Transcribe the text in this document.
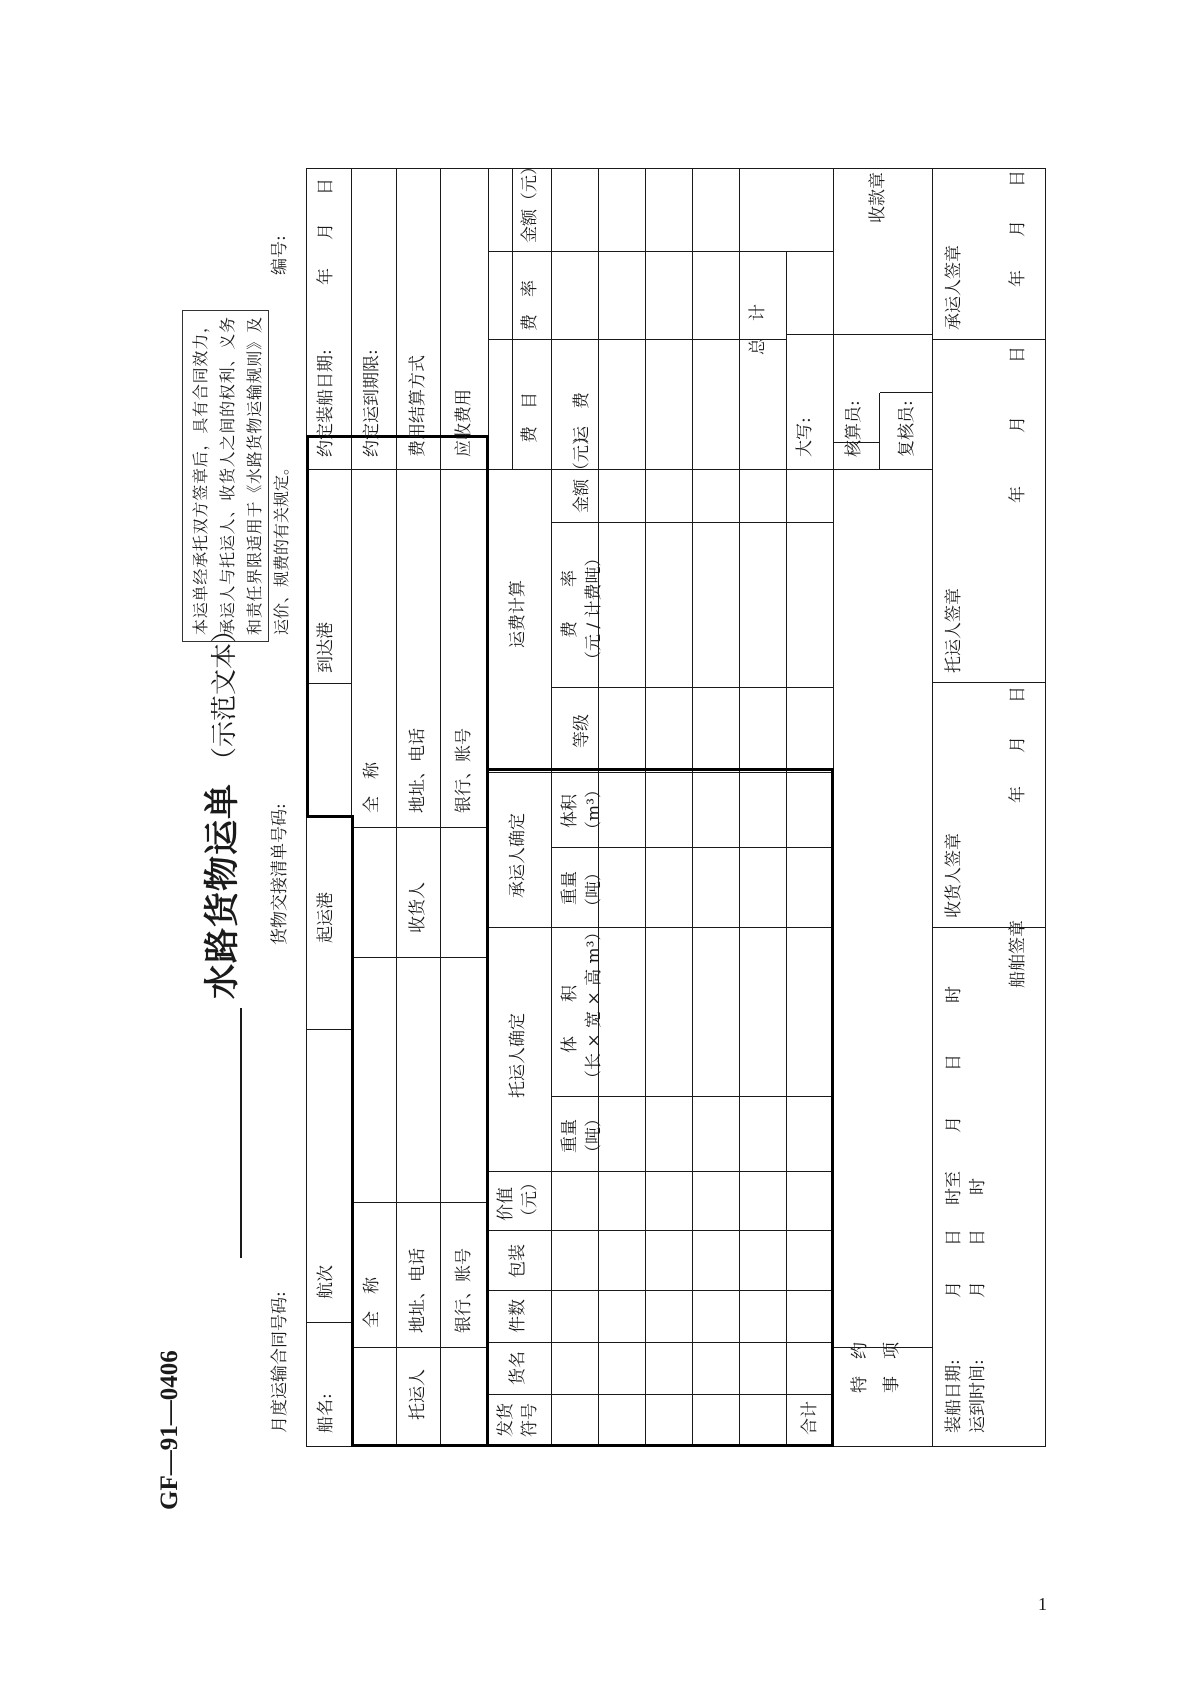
GF—91—0406
水路货物运单
（示范文本）
月度运输合同号码:
货物交接清单号码:
编号:
本运单经承托双方签章后，具有合同效力，承运人与托运人、收货人之间的权利、义务和责任界限适用于《水路货物运输规则》及运价、规费的有关规定。
船名:
航次
起运港
到达港
约定装船日期:
年
月
日
托运人
全　称 地址、电话 银行、账号
收货人
全　称 地址、电话 银行、账号
约定运到期限: 费用结算方式 应收费用
发货 符号
货名
件数
包装
价值 （元）
托运人确定
重量 （吨）
体　　积 （长 × 宽 × 高 m³）
承运人确定 重量 （吨）
体积 （m³）
运费计算
等级
费　　率 （元 / 计费吨）
金额（元）
费　目
费　率
金额（元）
运　费
合计
总　计
大写:
特　约 事　项
核算员: 复核员:
收款章
装船日期: 运到时间:
月 月
日 日
时至 时
月
日
时
船舶签章
收货人签章
年
月
日
托运人签章
年
月
日
承运人签章	年
月
日
1
